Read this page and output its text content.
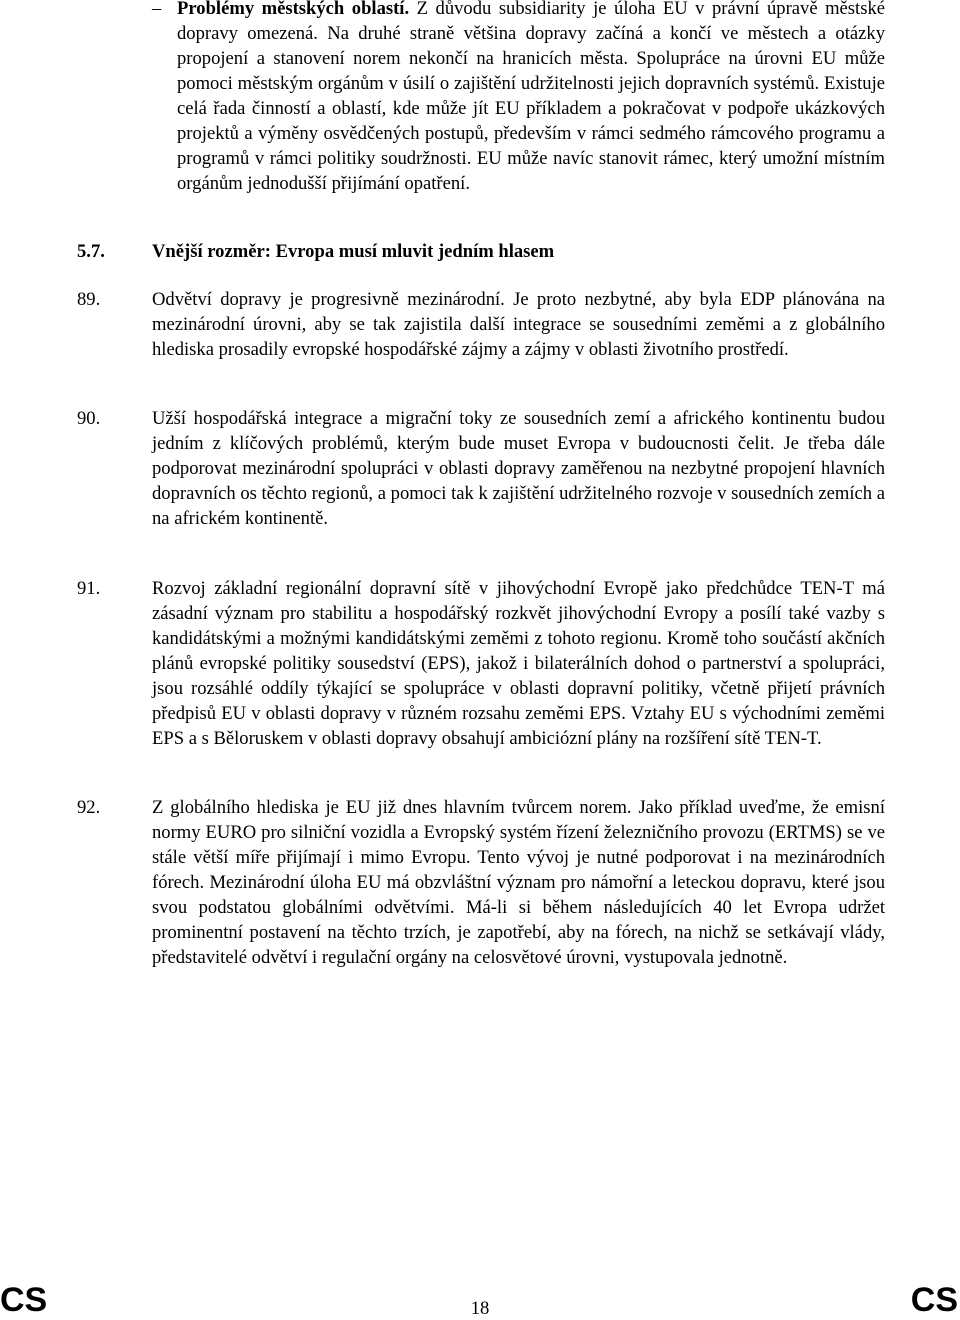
– Problémy městských oblastí. Z důvodu subsidiarity je úloha EU v právní úpravě městské dopravy omezená. Na druhé straně většina dopravy začíná a končí ve městech a otázky propojení a stanovení norem nekončí na hranicích města. Spolupráce na úrovni EU může pomoci městským orgánům v úsilí o zajištění udržitelnosti jejich dopravních systémů. Existuje celá řada činností a oblastí, kde může jít EU příkladem a pokračovat v podpoře ukázkových projektů a výměny osvědčených postupů, především v rámci sedmého rámcového programu a programů v rámci politiky soudržnosti. EU může navíc stanovit rámec, který umožní místním orgánům jednodušší přijímání opatření.
5.7.	Vnější rozměr: Evropa musí mluvit jedním hlasem
89.	Odvětví dopravy je progresivně mezinárodní. Je proto nezbytné, aby byla EDP plánována na mezinárodní úrovni, aby se tak zajistila další integrace se sousedními zeměmi a z globálního hlediska prosadily evropské hospodářské zájmy a zájmy v oblasti životního prostředí.
90.	Užší hospodářská integrace a migrační toky ze sousedních zemí a afrického kontinentu budou jedním z klíčových problémů, kterým bude muset Evropa v budoucnosti čelit. Je třeba dále podporovat mezinárodní spolupráci v oblasti dopravy zaměřenou na nezbytné propojení hlavních dopravních os těchto regionů, a pomoci tak k zajištění udržitelného rozvoje v sousedních zemích a na africkém kontinentě.
91.	Rozvoj základní regionální dopravní sítě v jihovýchodní Evropě jako předchůdce TEN-T má zásadní význam pro stabilitu a hospodářský rozkvět jihovýchodní Evropy a posílí také vazby s kandidátskými a možnými kandidátskými zeměmi z tohoto regionu. Kromě toho součástí akčních plánů evropské politiky sousedství (EPS), jakož i bilaterálních dohod o partnerství a spolupráci, jsou rozsáhlé oddíly týkající se spolupráce v oblasti dopravní politiky, včetně přijetí právních předpisů EU v oblasti dopravy v různém rozsahu zeměmi EPS. Vztahy EU s východními zeměmi EPS a s Běloruskem v oblasti dopravy obsahují ambiciózní plány na rozšíření sítě TEN-T.
92.	Z globálního hlediska je EU již dnes hlavním tvůrcem norem. Jako příklad uveďme, že emisní normy EURO pro silniční vozidla a Evropský systém řízení železničního provozu (ERTMS) se ve stále větší míře přijímají i mimo Evropu. Tento vývoj je nutné podporovat i na mezinárodních fórech. Mezinárodní úloha EU má obzvláštní význam pro námořní a leteckou dopravu, které jsou svou podstatou globálními odvětvími. Má-li si během následujících 40 let Evropa udržet prominentní postavení na těchto trzích, je zapotřebí, aby na fórech, na nichž se setkávají vlády, představitelé odvětví i regulační orgány na celosvětové úrovni, vystupovala jednotně.
CS	18	CS
